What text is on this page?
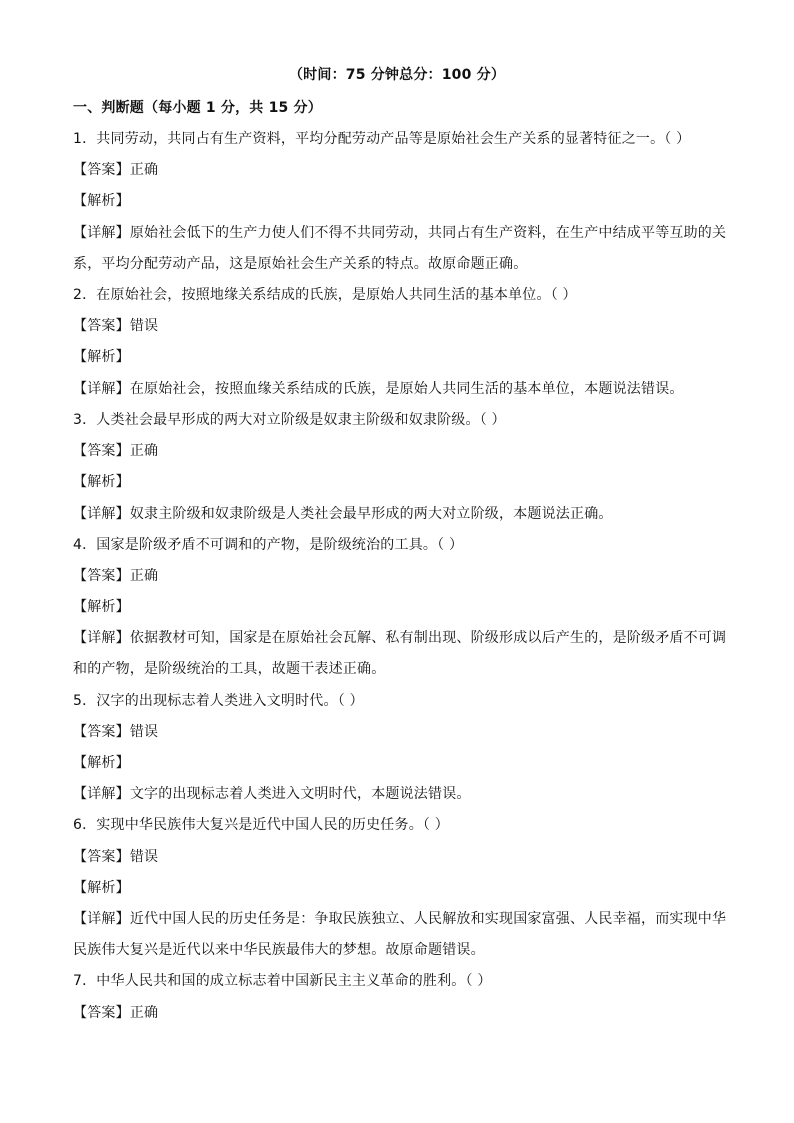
（时间：75 分钟总分：100 分）
一、判断题（每小题 1 分，共 15 分）
1．共同劳动，共同占有生产资料，平均分配劳动产品等是原始社会生产关系的显著特征之一。（ ）
【答案】正确
【解析】
【详解】原始社会低下的生产力使人们不得不共同劳动，共同占有生产资料，在生产中结成平等互助的关
系，平均分配劳动产品，这是原始社会生产关系的特点。故原命题正确。
2．在原始社会，按照地缘关系结成的氏族，是原始人共同生活的基本单位。（ ）
【答案】错误
【解析】
【详解】在原始社会，按照血缘关系结成的氏族，是原始人共同生活的基本单位，本题说法错误。
3．人类社会最早形成的两大对立阶级是奴隶主阶级和奴隶阶级。（ ）
【答案】正确
【解析】
【详解】奴隶主阶级和奴隶阶级是人类社会最早形成的两大对立阶级，本题说法正确。
4．国家是阶级矛盾不可调和的产物，是阶级统治的工具。（ ）
【答案】正确
【解析】
【详解】依据教材可知，国家是在原始社会瓦解、私有制出现、阶级形成以后产生的，是阶级矛盾不可调
和的产物，是阶级统治的工具，故题干表述正确。
5．汉字的出现标志着人类进入文明时代。（ ）
【答案】错误
【解析】
【详解】文字的出现标志着人类进入文明时代，本题说法错误。
6．实现中华民族伟大复兴是近代中国人民的历史任务。（ ）
【答案】错误
【解析】
【详解】近代中国人民的历史任务是：争取民族独立、人民解放和实现国家富强、人民幸福，而实现中华
民族伟大复兴是近代以来中华民族最伟大的梦想。故原命题错误。
7．中华人民共和国的成立标志着中国新民主主义革命的胜利。（ ）
【答案】正确
